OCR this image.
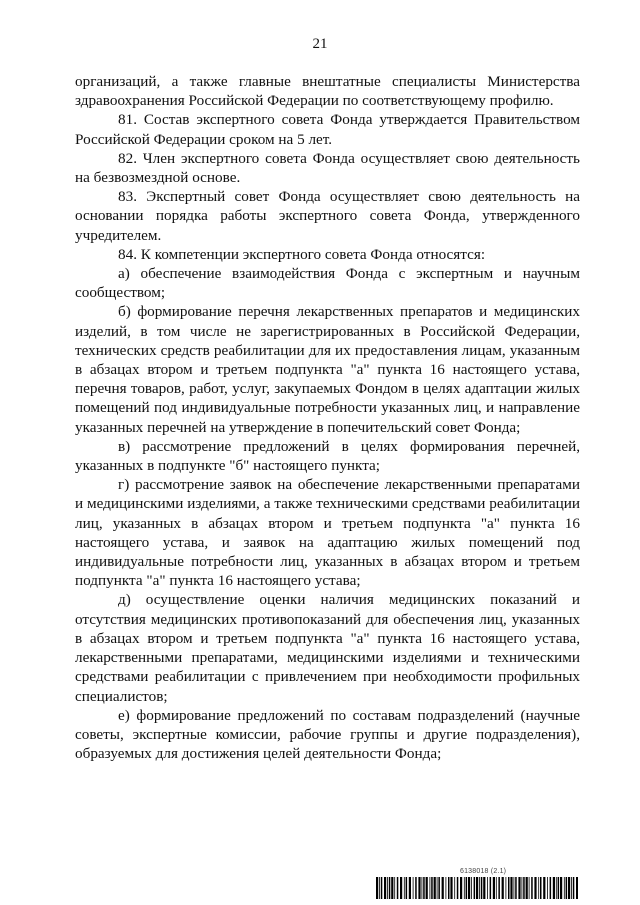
21

организаций, а также главные внештатные специалисты Министерства здравоохранения Российской Федерации по соответствующему профилю.

81. Состав экспертного совета Фонда утверждается Правительством Российской Федерации сроком на 5 лет.

82. Член экспертного совета Фонда осуществляет свою деятельность на безвозмездной основе.

83. Экспертный совет Фонда осуществляет свою деятельность на основании порядка работы экспертного совета Фонда, утвержденного учредителем.

84. К компетенции экспертного совета Фонда относятся:

а) обеспечение взаимодействия Фонда с экспертным и научным сообществом;

б) формирование перечня лекарственных препаратов и медицинских изделий, в том числе не зарегистрированных в Российской Федерации, технических средств реабилитации для их предоставления лицам, указанным в абзацах втором и третьем подпункта "а" пункта 16 настоящего устава, перечня товаров, работ, услуг, закупаемых Фондом в целях адаптации жилых помещений под индивидуальные потребности указанных лиц, и направление указанных перечней на утверждение в попечительский совет Фонда;

в) рассмотрение предложений в целях формирования перечней, указанных в подпункте "б" настоящего пункта;

г) рассмотрение заявок на обеспечение лекарственными препаратами и медицинскими изделиями, а также техническими средствами реабилитации лиц, указанных в абзацах втором и третьем подпункта "а" пункта 16 настоящего устава, и заявок на адаптацию жилых помещений под индивидуальные потребности лиц, указанных в абзацах втором и третьем подпункта "а" пункта 16 настоящего устава;

д) осуществление оценки наличия медицинских показаний и отсутствия медицинских противопоказаний для обеспечения лиц, указанных в абзацах втором и третьем подпункта "а" пункта 16 настоящего устава, лекарственными препаратами, медицинскими изделиями и техническими средствами реабилитации с привлечением при необходимости профильных специалистов;

е) формирование предложений по составам подразделений (научные советы, экспертные комиссии, рабочие группы и другие подразделения), образуемых для достижения целей деятельности Фонда;

6138018 (2.1)
